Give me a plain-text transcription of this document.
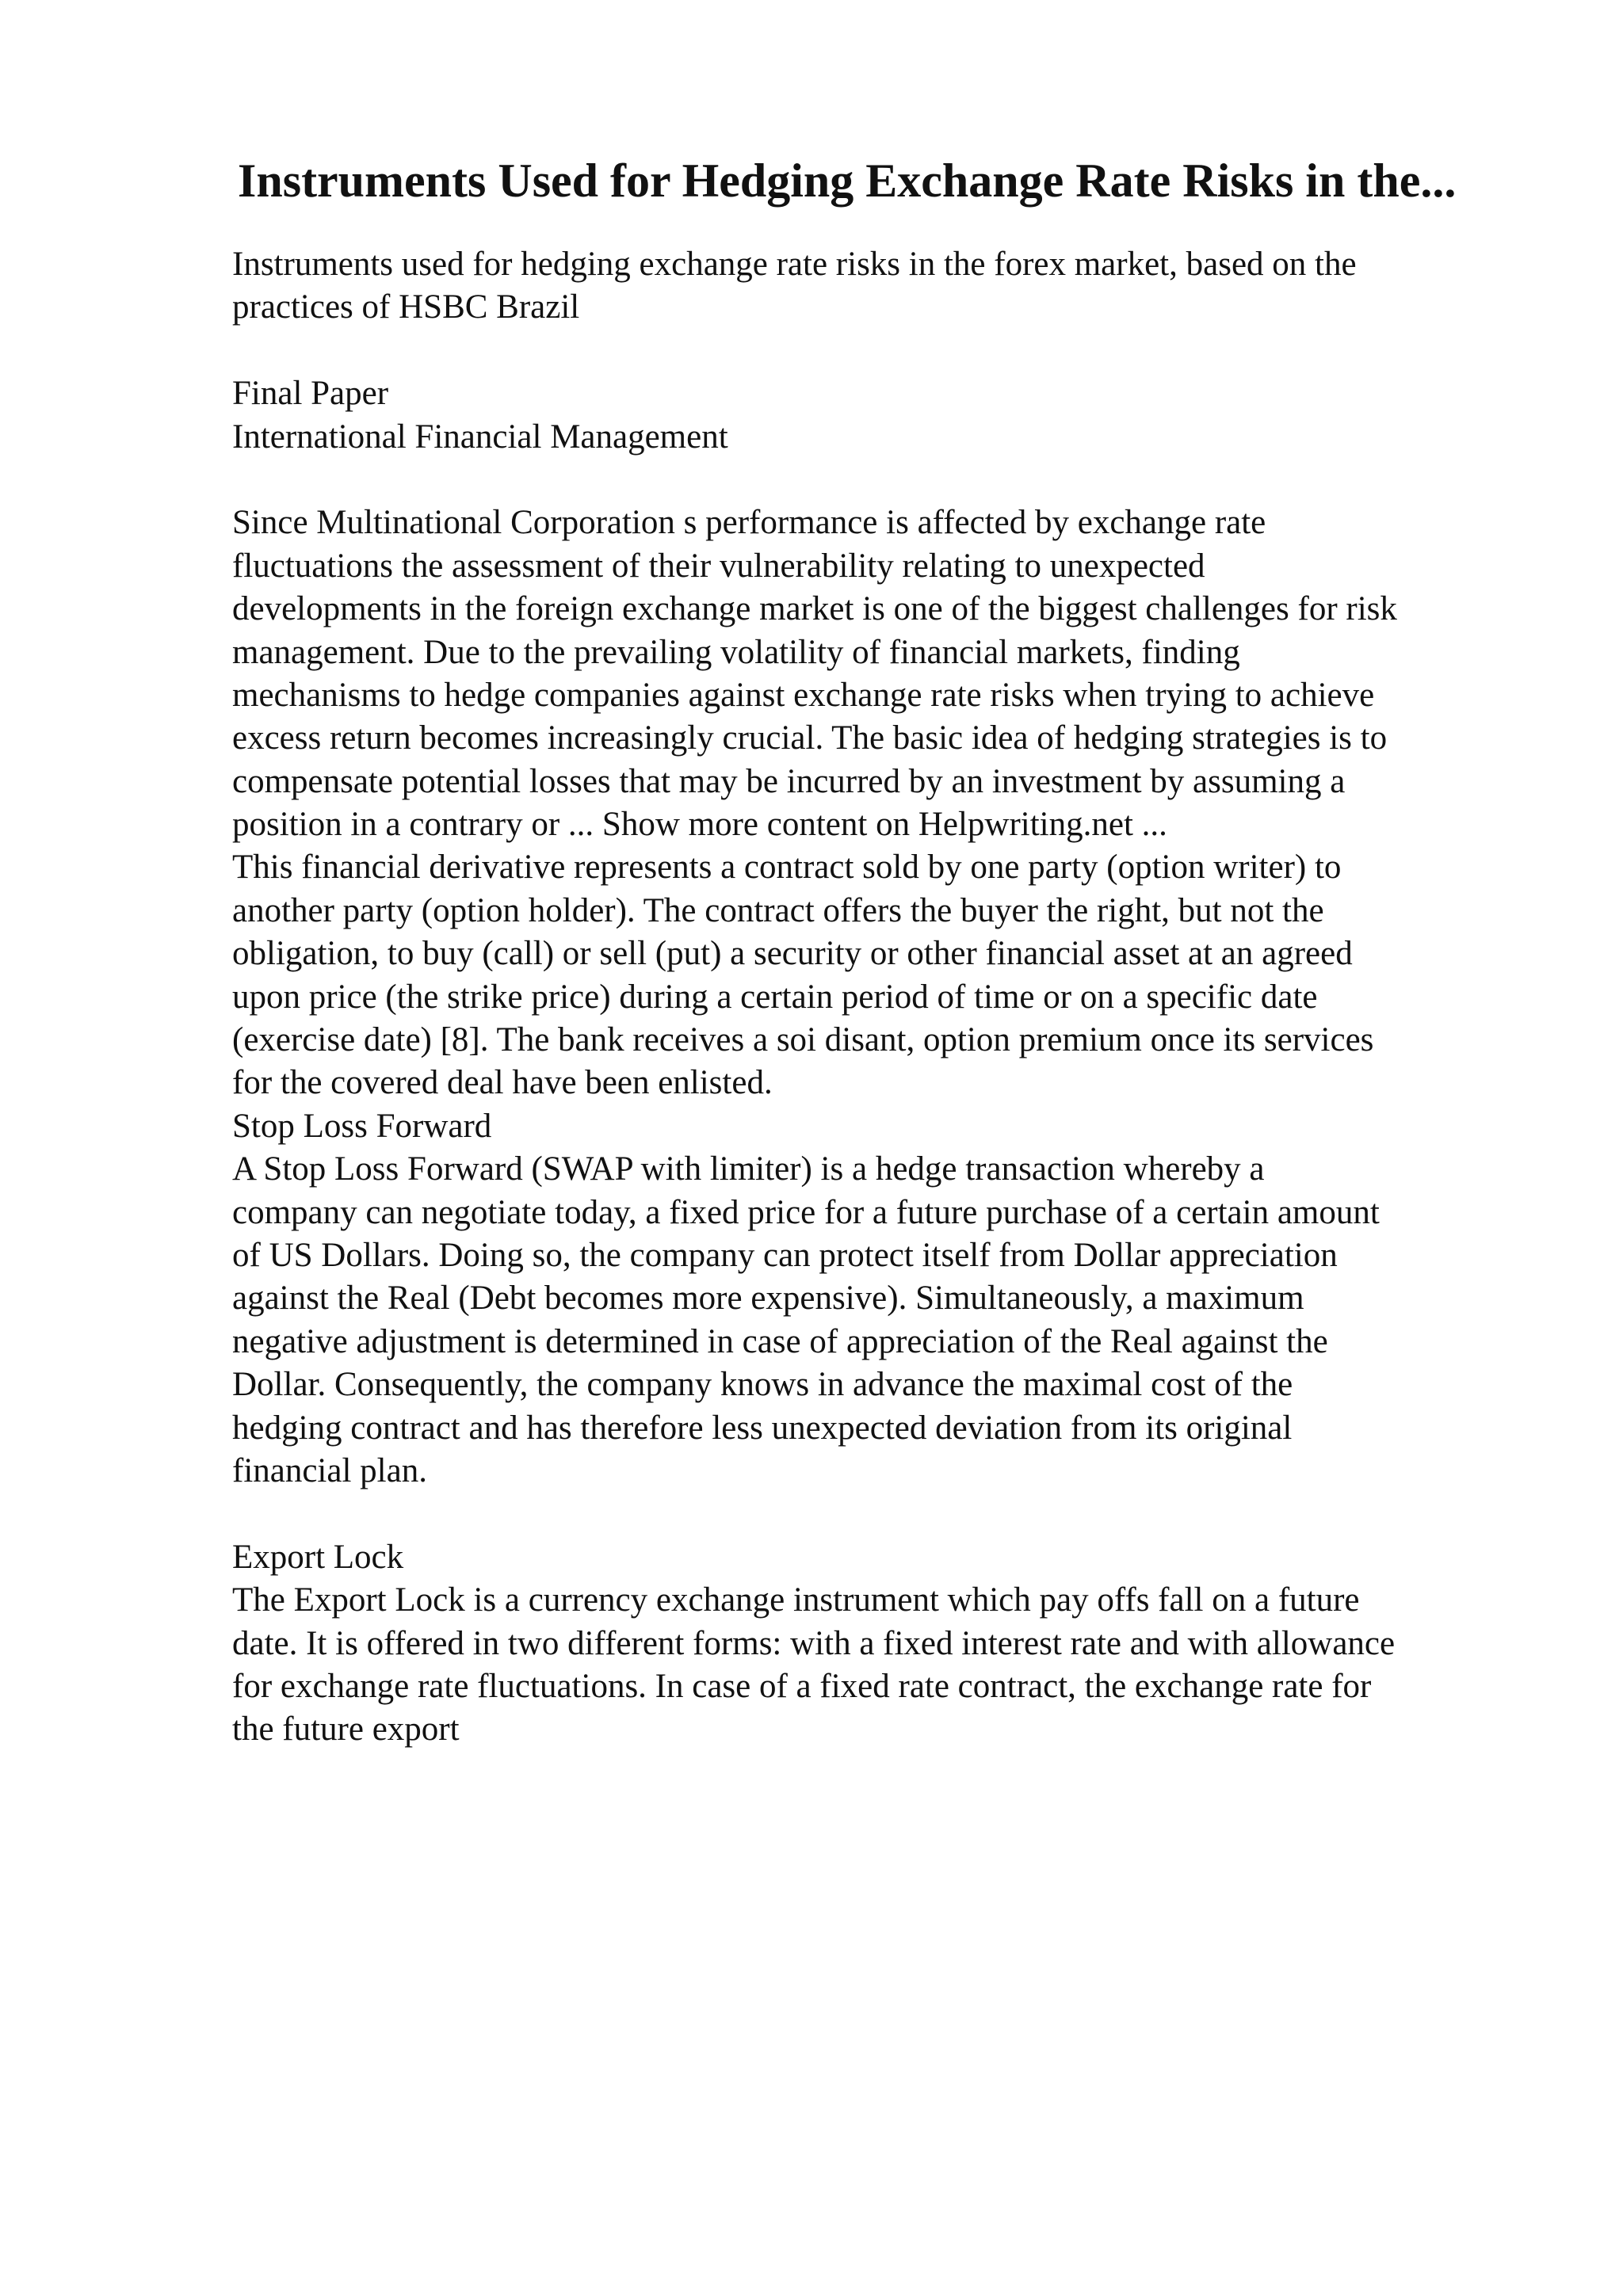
Instruments Used for Hedging Exchange Rate Risks in the...
Instruments used for hedging exchange rate risks in the forex market, based on the
practices of HSBC Brazil
Final Paper
International Financial Management
Since Multinational Corporation s performance is affected by exchange rate
fluctuations the assessment of their vulnerability relating to unexpected
developments in the foreign exchange market is one of the biggest challenges for risk
management. Due to the prevailing volatility of financial markets, finding
mechanisms to hedge companies against exchange rate risks when trying to achieve
excess return becomes increasingly crucial. The basic idea of hedging strategies is to
compensate potential losses that may be incurred by an investment by assuming a
position in a contrary or ... Show more content on Helpwriting.net ...
This financial derivative represents a contract sold by one party (option writer) to
another party (option holder). The contract offers the buyer the right, but not the
obligation, to buy (call) or sell (put) a security or other financial asset at an agreed
upon price (the strike price) during a certain period of time or on a specific date
(exercise date) [8]. The bank receives a soi disant, option premium once its services
for the covered deal have been enlisted.
Stop Loss Forward
A Stop Loss Forward (SWAP with limiter) is a hedge transaction whereby a
company can negotiate today, a fixed price for a future purchase of a certain amount
of US Dollars. Doing so, the company can protect itself from Dollar appreciation
against the Real (Debt becomes more expensive). Simultaneously, a maximum
negative adjustment is determined in case of appreciation of the Real against the
Dollar. Consequently, the company knows in advance the maximal cost of the
hedging contract and has therefore less unexpected deviation from its original
financial plan.
Export Lock
The Export Lock is a currency exchange instrument which pay offs fall on a future
date. It is offered in two different forms: with a fixed interest rate and with allowance
for exchange rate fluctuations. In case of a fixed rate contract, the exchange rate for
the future export
